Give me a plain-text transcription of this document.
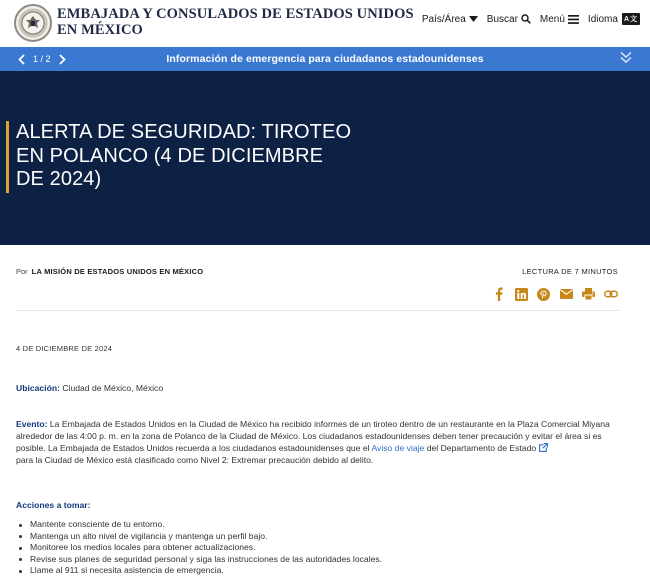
EMBAJADA Y CONSULADOS DE ESTADOS UNIDOS
EN MÉXICO
País/Área Buscar Menú Idioma A文
1 / 2	Información de emergencia para ciudadanos estadounidenses
ALERTA DE SEGURIDAD: TIROTEO EN POLANCO (4 DE DICIEMBRE DE 2024)
Por LA MISIÓN DE ESTADOS UNIDOS EN MÉXICO	LECTURA DE 7 MINUTOS
4 DE DICIEMBRE DE 2024
Ubicación: Ciudad de México, México
Evento: La Embajada de Estados Unidos en la Ciudad de México ha recibido informes de un tiroteo dentro de un restaurante en la Plaza Comercial Miyana alrededor de las 4:00 p. m. en la zona de Polanco de la Ciudad de México. Los ciudadanos estadounidenses deben tener precaución y evitar el área si es posible. La Embajada de Estados Unidos recuerda a los ciudadanos estadounidenses que el Aviso de viaje del Departamento de Estado
para la Ciudad de México está clasificado como Nivel 2: Extremar precaución debido al delito.
Acciones a tomar:
Mantente consciente de tu entorno.
Mantenga un alto nivel de vigilancia y mantenga un perfil bajo.
Monitoree los medios locales para obtener actualizaciones.
Revise sus planes de seguridad personal y siga las instrucciones de las autoridades locales.
Llame al 911 si necesita asistencia de emergencia.
